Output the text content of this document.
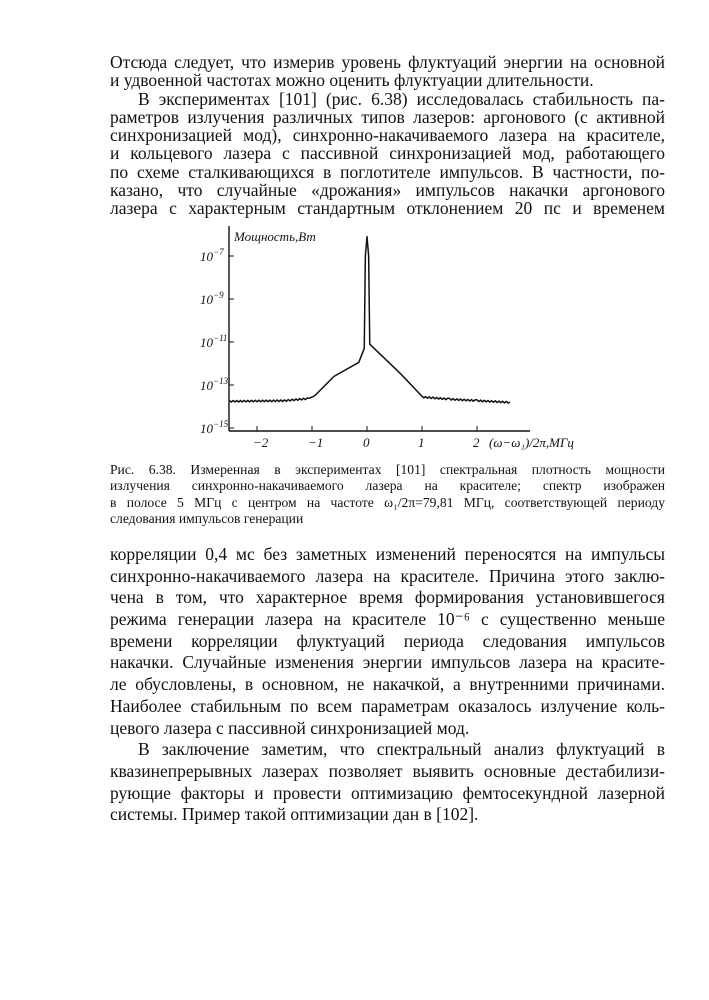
Отсюда следует, что измерив уровень флуктуаций энергии на основной
и удвоенной частотах можно оценить флуктуации длительности.
В экспериментах [101] (рис. 6.38) исследовалась стабильность па-
раметров излучения различных типов лазеров: аргонового (с активной
синхронизацией мод), синхронно-накачиваемого лазера на красителе,
и кольцевого лазера с пассивной синхронизацией мод, работающего
по схеме сталкивающихся в поглотителе импульсов. В частности, по-
казано, что случайные «дрожания» импульсов накачки аргонового
лазера с характерным стандартным отклонением 20 пс и временем
$10^{-7}$
$10^{-9}$
$10^{-11}$
$10^{-13}$
$10^{-15}$
−2	−1	0	1	2
Мощность,Вт
(ω−ω₁)/2π,МГц
Рис. 6.38. Измеренная в экспериментах [101] спектральная плотность мощности
излучения синхронно-накачиваемого лазера на красителе; спектр изображен
в полосе 5 МГц с центром на частоте ω₁/2π=79,81 МГц, соответствующей периоду
следования импульсов генерации
корреляции 0,4 мс без заметных изменений переносятся на импульсы
синхронно-накачиваемого лазера на красителе. Причина этого заклю-
чена в том, что характерное время формирования установившегося
режима генерации лазера на красителе 10⁻⁶ с существенно меньше
времени корреляции флуктуаций периода следования импульсов
накачки. Случайные изменения энергии импульсов лазера на красите-
ле обусловлены, в основном, не накачкой, а внутренними причинами.
Наиболее стабильным по всем параметрам оказалось излучение коль-
цевого лазера с пассивной синхронизацией мод.
В заключение заметим, что спектральный анализ флуктуаций в
квазинепрерывных лазерах позволяет выявить основные дестабилизи-
рующие факторы и провести оптимизацию фемтосекундной лазерной
системы. Пример такой оптимизации дан в [102].
